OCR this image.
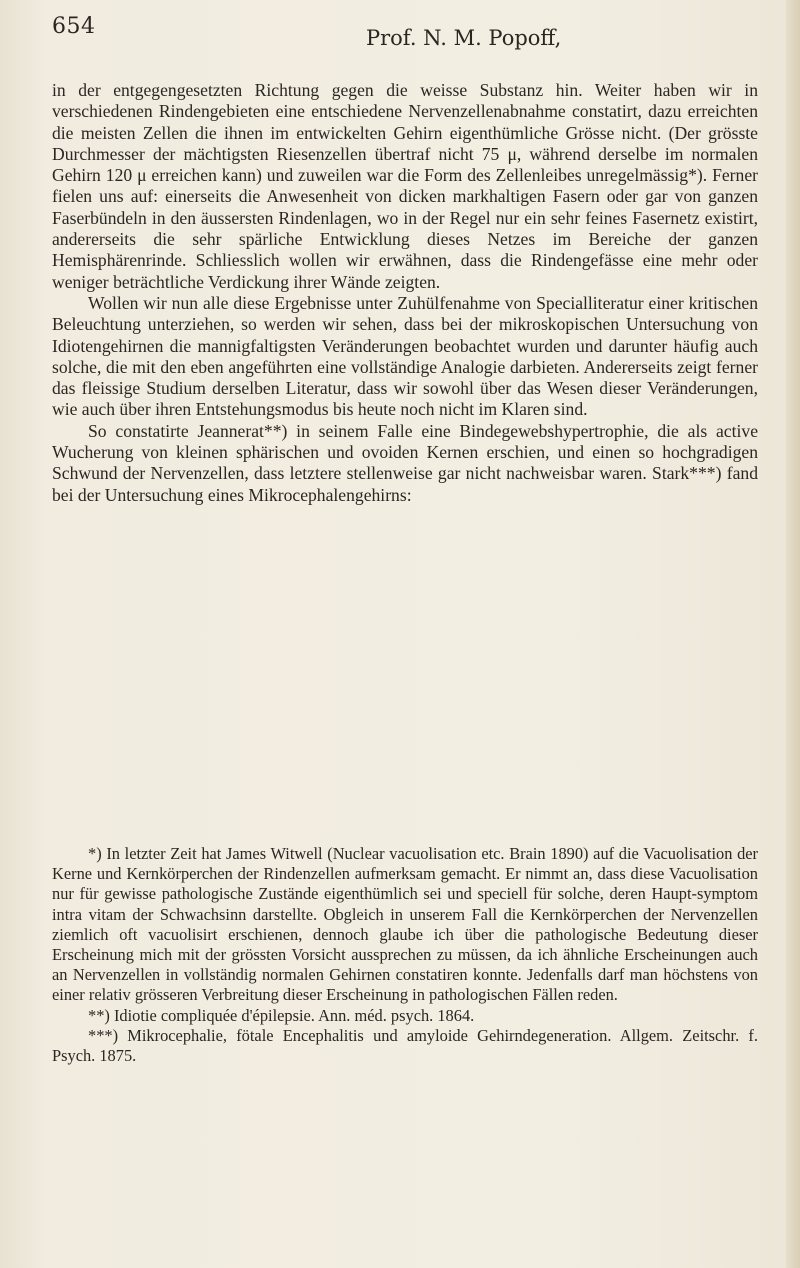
654	Prof. N. M. Popoff,

in der entgegengesetzten Richtung gegen die weisse Substanz hin. Weiter haben wir in verschiedenen Rindengebieten eine entschiedene Nervenzellenabnahme constatirt, dazu erreichten die meisten Zellen die ihnen im entwickelten Gehirn eigenthümliche Grösse nicht. (Der grösste Durchmesser der mächtigsten Riesenzellen übertraf nicht 75 μ, während derselbe im normalen Gehirn 120 μ erreichen kann) und zuweilen war die Form des Zellenleibes unregelmässig*). Ferner fielen uns auf: einerseits die Anwesenheit von dicken markhaltigen Fasern oder gar von ganzen Faserbündeln in den äussersten Rindenlagen, wo in der Regel nur ein sehr feines Fasernetz existirt, andererseits die sehr spärliche Entwicklung dieses Netzes im Bereiche der ganzen Hemisphärenrinde. Schliesslich wollen wir erwähnen, dass die Rindengefässe eine mehr oder weniger beträchtliche Verdickung ihrer Wände zeigten.

Wollen wir nun alle diese Ergebnisse unter Zuhülfenahme von Specialliteratur einer kritischen Beleuchtung unterziehen, so werden wir sehen, dass bei der mikroskopischen Untersuchung von Idiotengehirnen die mannigfaltigsten Veränderungen beobachtet wurden und darunter häufig auch solche, die mit den eben angeführten eine vollständige Analogie darbieten. Andererseits zeigt ferner das fleissige Studium derselben Literatur, dass wir sowohl über das Wesen dieser Veränderungen, wie auch über ihren Entstehungsmodus bis heute noch nicht im Klaren sind.

So constatirte Jeannerat**) in seinem Falle eine Bindegewebshypertrophie, die als active Wucherung von kleinen sphärischen und ovoiden Kernen erschien, und einen so hochgradigen Schwund der Nervenzellen, dass letztere stellenweise gar nicht nachweisbar waren. Stark***) fand bei der Untersuchung eines Mikrocephalengehirns:

*) In letzter Zeit hat James Witwell (Nuclear vacuolisation etc. Brain 1890) auf die Vacuolisation der Kerne und Kernkörperchen der Rindenzellen aufmerksam gemacht. Er nimmt an, dass diese Vacuolisation nur für gewisse pathologische Zustände eigenthümlich sei und speciell für solche, deren Haupt-symptom intra vitam der Schwachsinn darstellte. Obgleich in unserem Fall die Kernkörperchen der Nervenzellen ziemlich oft vacuolisirt erschienen, dennoch glaube ich über die pathologische Bedeutung dieser Erscheinung mich mit der grössten Vorsicht aussprechen zu müssen, da ich ähnliche Erscheinungen auch an Nervenzellen in vollständig normalen Gehirnen constatiren konnte. Jedenfalls darf man höchstens von einer relativ grösseren Verbreitung dieser Erscheinung in pathologischen Fällen reden.

**) Idiotie compliquée d'épilepsie. Ann. méd. psych. 1864.

***) Mikrocephalie, fötale Encephalitis und amyloide Gehirndegeneration. Allgem. Zeitschr. f. Psych. 1875.
